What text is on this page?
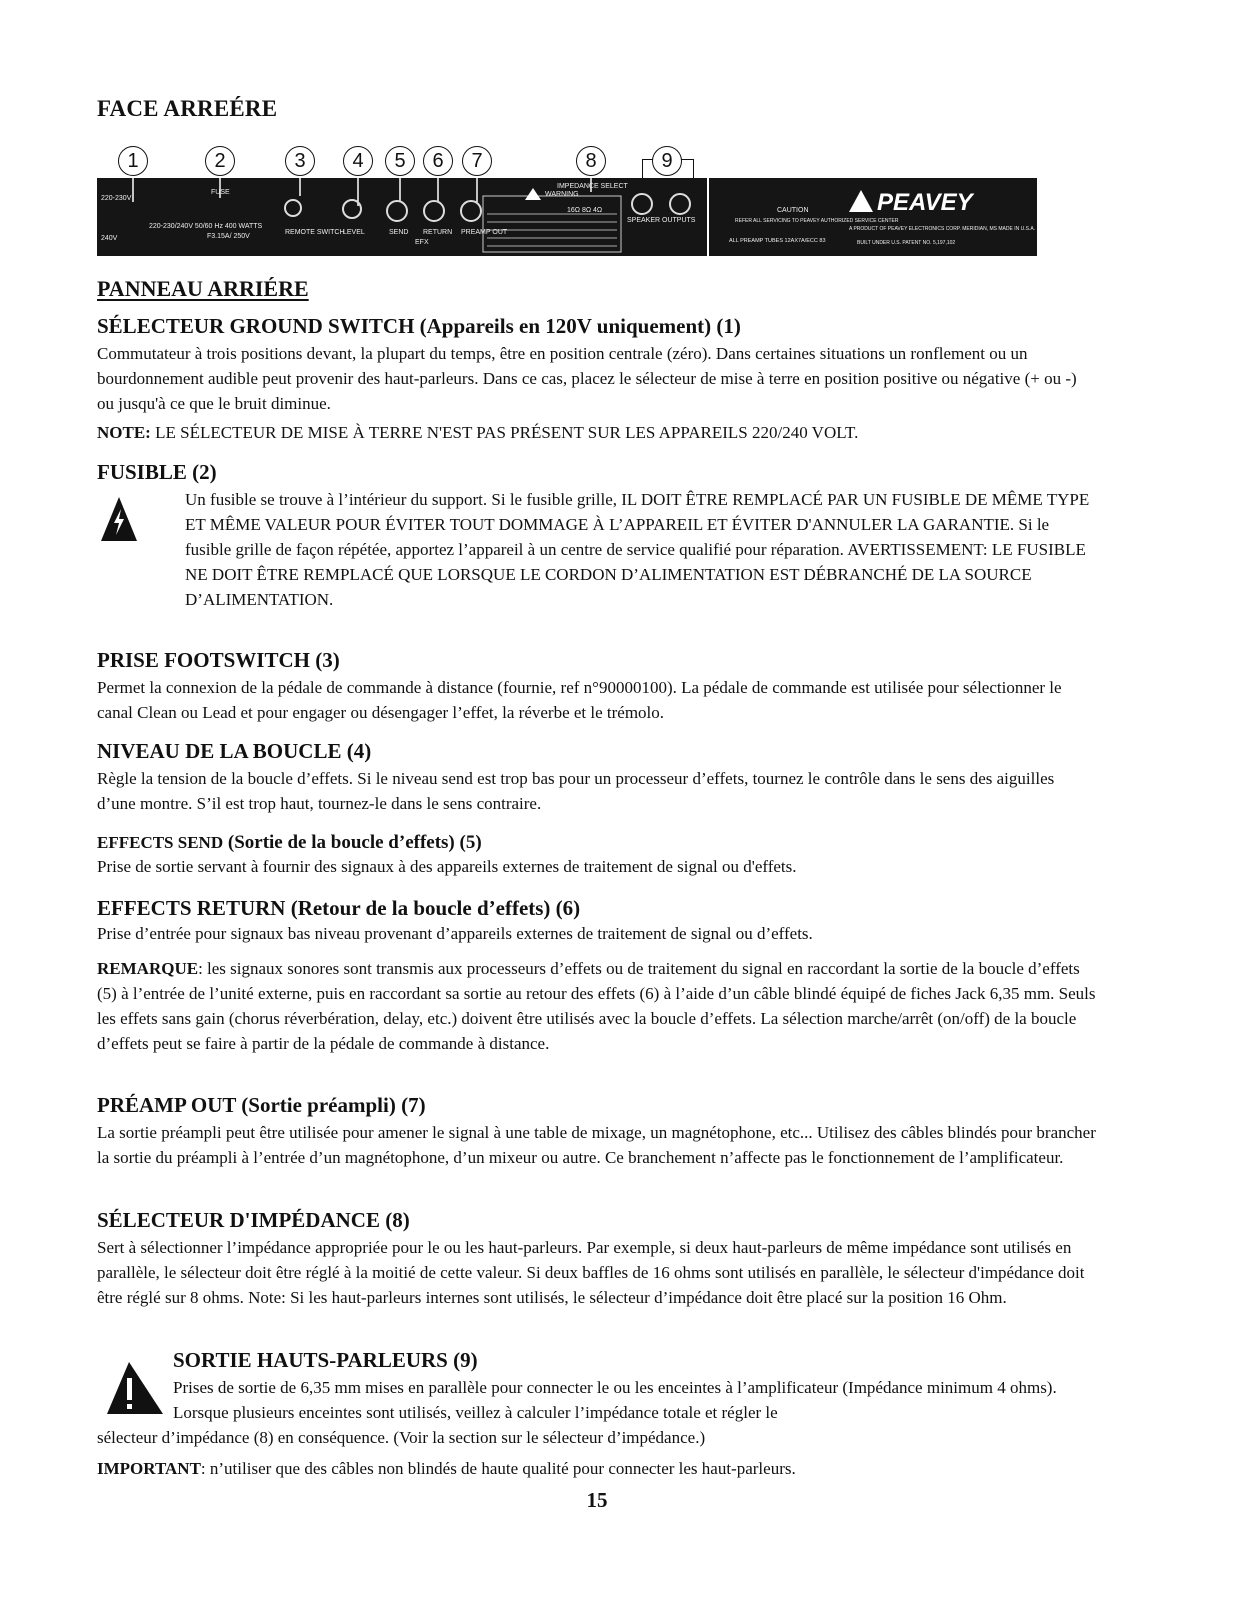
FACE ARREÉRE
1	2	3	4	5	6	7	8	9
220-230V
220-230/240V 50/60 Hz 400 WATTS
240V
FUSE
F3.15A/ 250V
REMOTE SWITCH
LEVEL	SEND RETURN
EFX
PREAMP OUT
WARNING
IMPEDANCE SELECT
16Ω 8Ω 4Ω
SPEAKER OUTPUTS
CAUTION
REFER ALL SERVICING TO PEAVEY AUTHORIZED SERVICE CENTER
ALL PREAMP TUBES 12AX7A/ECC 83
A PRODUCT OF PEAVEY ELECTRONICS CORP. MERIDIAN, MS MADE IN U.S.A.
BUILT UNDER U.S. PATENT NO. 5,197,102
PEAVEY
PANNEAU ARRIÉRE
SÉLECTEUR GROUND SWITCH (Appareils en 120V uniquement) (1)

Commutateur à trois positions devant, la plupart du temps, être en position centrale (zéro). Dans certaines situations un ronflement ou un bourdonnement audible peut provenir des haut-parleurs. Dans ce cas, placez le sélecteur de mise à terre en position positive ou négative (+ ou -) ou jusqu'à ce que le bruit diminue.

NOTE: LE SÉLECTEUR DE MISE À TERRE N'EST PAS PRÉSENT SUR LES APPAREILS 220/240 VOLT.

FUSIBLE (2)

Un fusible se trouve à l’intérieur du support. Si le fusible grille, IL DOIT ÊTRE REMPLACÉ PAR UN FUSIBLE DE MÊME TYPE ET MÊME VALEUR POUR ÉVITER TOUT DOMMAGE À L’APPAREIL ET ÉVITER D'ANNULER LA GARANTIE. Si le fusible grille de façon répétée, apportez l’appareil à un centre de service qualifié pour réparation. AVERTISSEMENT: LE FUSIBLE NE DOIT ÊTRE REMPLACÉ QUE LORSQUE LE CORDON D’ALIMENTATION EST DÉBRANCHÉ DE LA SOURCE D’ALIMENTATION.

PRISE FOOTSWITCH (3)

Permet la connexion de la pédale de commande à distance (fournie, ref n°90000100). La pédale de commande est utilisée pour sélectionner le canal Clean ou Lead et pour engager ou désengager l’effet, la réverbe et le trémolo.

NIVEAU DE LA BOUCLE (4)

Règle la tension de la boucle d’effets. Si le niveau send est trop bas pour un processeur d’effets, tournez le contrôle dans le sens des aiguilles d’une montre. S’il est trop haut, tournez-le dans le sens contraire.

EFFECTS SEND (Sortie de la boucle d’effets) (5)

Prise de sortie servant à fournir des signaux à des appareils externes de traitement de signal ou d'effets.

EFFECTS RETURN (Retour de la boucle d’effets) (6)

Prise d’entrée pour signaux bas niveau provenant d’appareils externes de traitement de signal ou d’effets.

REMARQUE: les signaux sonores sont transmis aux processeurs d’effets ou de traitement du signal en raccordant la sortie de la boucle d’effets (5) à l’entrée de l’unité externe, puis en raccordant sa sortie au retour des effets (6) à l’aide d’un câble blindé équipé de fiches Jack 6,35 mm. Seuls les effets sans gain (chorus réverbération, delay, etc.) doivent être utilisés avec la boucle d’effets. La sélection marche/arrêt (on/off) de la boucle d’effets peut se faire à partir de la pédale de commande à distance.

PRÉAMP OUT (Sortie préampli) (7)

La sortie préampli peut être utilisée pour amener le signal à une table de mixage, un magnétophone, etc... Utilisez des câbles blindés pour brancher la sortie du préampli à l’entrée d’un magnétophone, d’un mixeur ou autre. Ce branchement n’affecte pas le fonctionnement de l’amplificateur.

SÉLECTEUR D'IMPÉDANCE (8)

Sert à sélectionner l’impédance appropriée pour le ou les haut-parleurs. Par exemple, si deux haut-parleurs de même impédance sont utilisés en parallèle, le sélecteur doit être réglé à la moitié de cette valeur. Si deux baffles de 16 ohms sont utilisés en parallèle, le sélecteur d'impédance doit être réglé sur 8 ohms. Note: Si les haut-parleurs internes sont utilisés, le sélecteur d’impédance doit être placé sur la position 16 Ohm.

SORTIE HAUTS-PARLEURS (9)

Prises de sortie de 6,35 mm mises en parallèle pour connecter le ou les enceintes à l’amplificateur (Impédance minimum 4 ohms). Lorsque plusieurs enceintes sont utilisés, veillez à calculer l’impédance totale et régler le

sélecteur d’impédance (8) en conséquence. (Voir la section sur le sélecteur d’impédance.)

IMPORTANT: n’utiliser que des câbles non blindés de haute qualité pour connecter les haut-parleurs.

15
